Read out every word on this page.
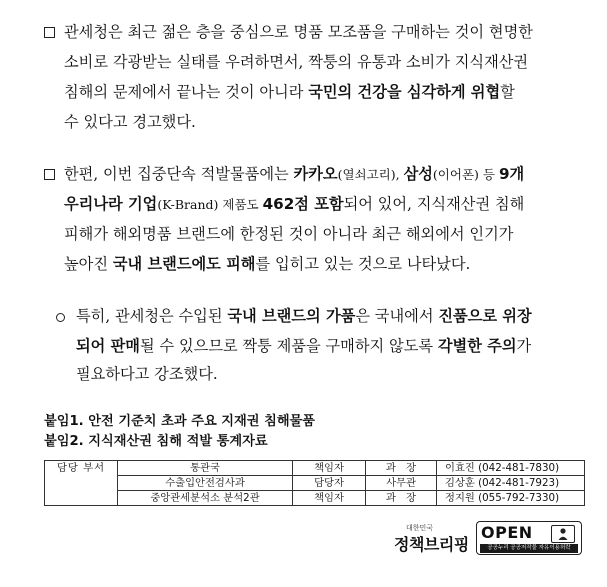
관세청은 최근 젊은 층을 중심으로 명품 모조품을 구매하는 것이 현명한
소비로 각광받는 실태를 우려하면서, 짝퉁의 유통과 소비가 지식재산권
침해의 문제에서 끝나는 것이 아니라 국민의 건강을 심각하게 위협할
수 있다고 경고했다.
한편, 이번 집중단속 적발물품에는 카카오(열쇠고리), 삼성(이어폰) 등 9개
우리나라 기업(K-Brand) 제품도 462점 포함되어 있어, 지식재산권 침해
피해가 해외명품 브랜드에 한정된 것이 아니라 최근 해외에서 인기가
높아진 국내 브랜드에도 피해를 입히고 있는 것으로 나타났다.
특히, 관세청은 수입된 국내 브랜드의 가품은 국내에서 진품으로 위장
되어 판매될 수 있으므로 짝퉁 제품을 구매하지 않도록 각별한 주의가
필요하다고 강조했다.
붙임1. 안전 기준치 초과 주요 지재권 침해물품
붙임2. 지식재산권 침해 적발 통계자료
담당 부서	통관국	책임자	과　장	이효진 (042-481-7830)
	수출입안전검사과	담당자	사무관	김상훈 (042-481-7923)
	중앙관세분석소 분석2관	책임자	과　장	정지원 (055-792-7330)
대한민국
정책브리핑
OPEN
공공누리 공공저작물 자유이용허락
